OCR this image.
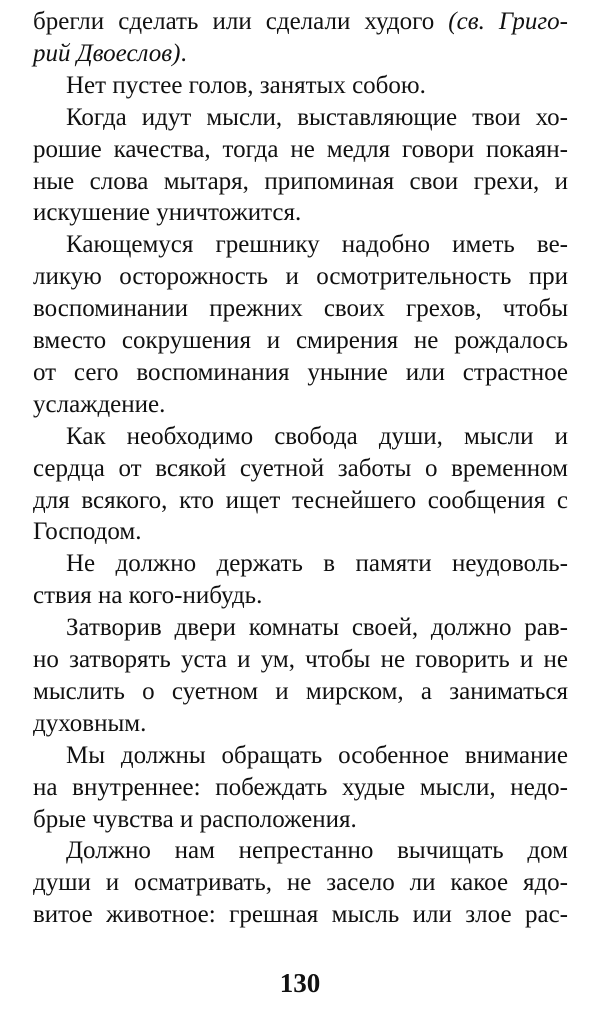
брегли сделать или сделали худого (св. Григо-
рий Двоеслов).
Нет пустее голов, занятых собою.
Когда идут мысли, выставляющие твои хо-
рошие качества, тогда не медля говори покаян-
ные слова мытаря, припоминая свои грехи, и
искушение уничтожится.
Кающемуся грешнику надобно иметь ве-
ликую осторожность и осмотрительность при
воспоминании прежних своих грехов, чтобы
вместо сокрушения и смирения не рождалось
от сего воспоминания уныние или страстное
услаждение.
Как необходимо свобода души, мысли и
сердца от всякой суетной заботы о временном
для всякого, кто ищет теснейшего сообщения с
Господом.
Не должно держать в памяти неудоволь-
ствия на кого-нибудь.
Затворив двери комнаты своей, должно рав-
но затворять уста и ум, чтобы не говорить и не
мыслить о суетном и мирском, а заниматься
духовным.
Мы должны обращать особенное внимание
на внутреннее: побеждать худые мысли, недо-
брые чувства и расположения.
Должно нам непрестанно вычищать дом
души и осматривать, не засело ли какое ядо-
витое животное: грешная мысль или злое рас-
130
